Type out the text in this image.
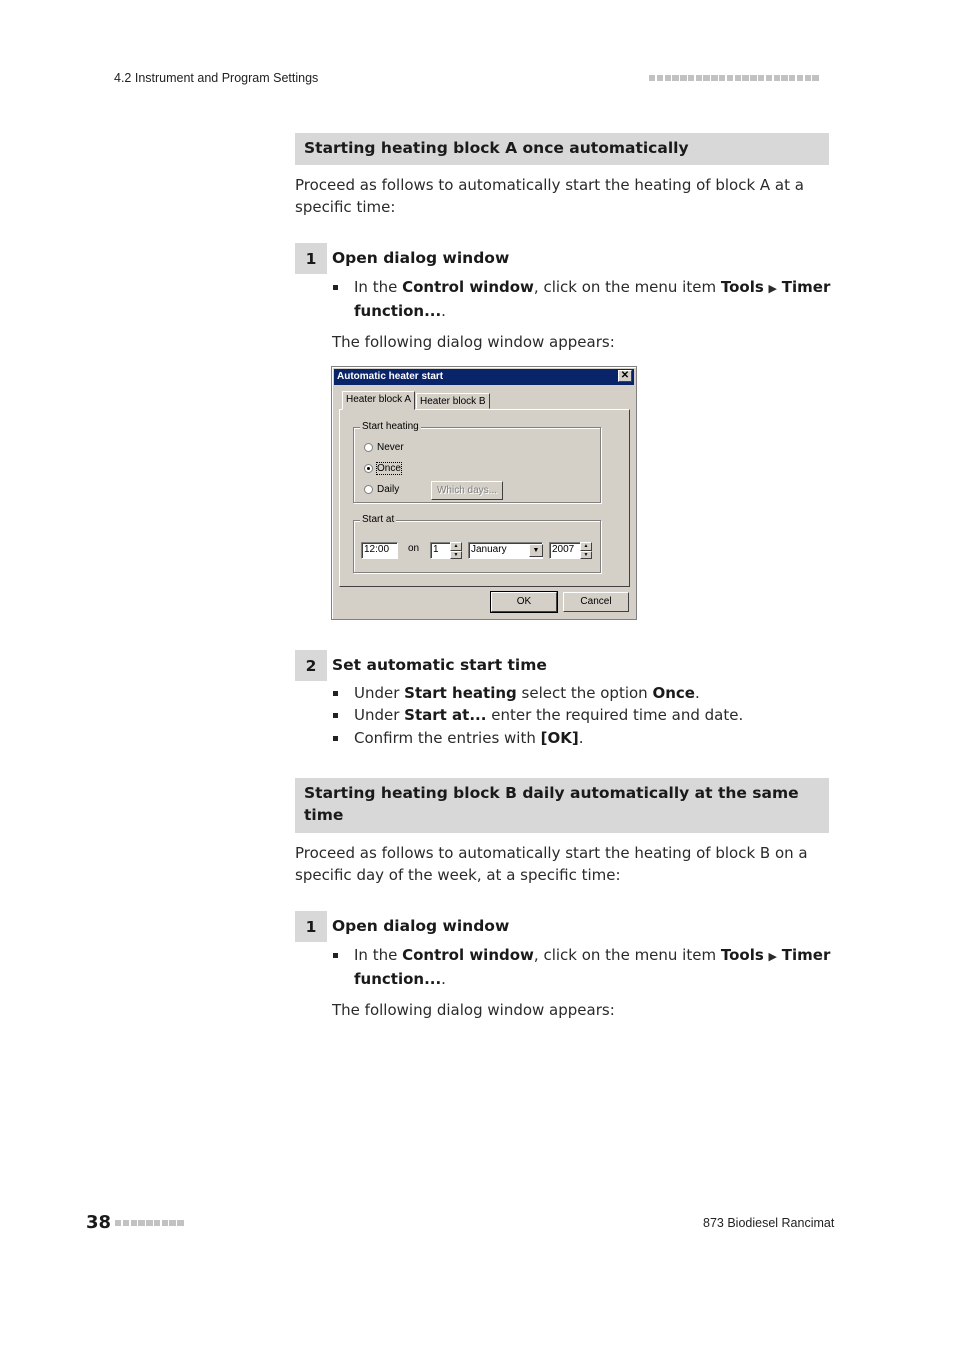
4.2 Instrument and Program Settings
Starting heating block A once automatically
Proceed as follows to automatically start the heating of block A at a specific time:
1	Open dialog window
In the Control window, click on the menu item Tools ▶ Timer function....
The following dialog window appears:
Automatic heater start	✕
Heater block A Heater block B
Start heating
Never
Once
Daily	Which days...
Start at
12:00	on	1	▲
▼	January	▼	2007	▲
▼
OK	Cancel
2	Set automatic start time
Under Start heating select the option Once.
Under Start at... enter the required time and date.
Confirm the entries with [OK].
Starting heating block B daily automatically at the same time
Proceed as follows to automatically start the heating of block B on a specific day of the week, at a specific time:
1	Open dialog window
In the Control window, click on the menu item Tools ▶ Timer function....
The following dialog window appears:
38	873 Biodiesel Rancimat
